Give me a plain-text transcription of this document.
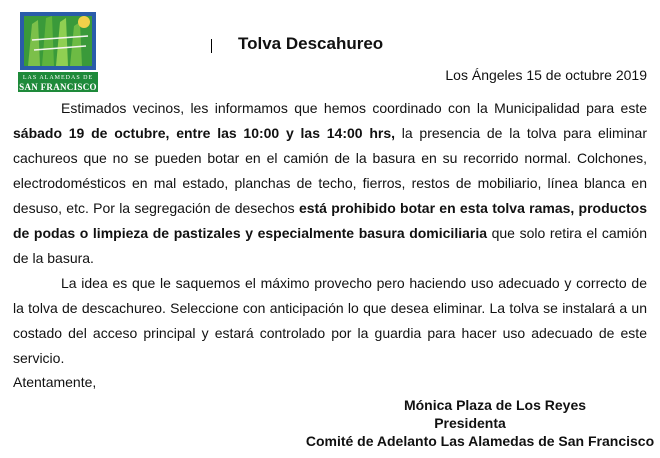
LAS ALAMEDAS DE
SAN FRANCISCO
Tolva Descahureo
Los Ángeles 15 de octubre 2019

Estimados vecinos, les informamos que hemos coordinado con la Municipalidad para este sábado 19 de octubre, entre las 10:00 y las 14:00 hrs, la presencia de la tolva para eliminar cachureos que no se pueden botar en el camión de la basura en su recorrido normal. Colchones, electrodomésticos en mal estado, planchas de techo, fierros, restos de mobiliario, línea blanca en desuso, etc. Por la segregación de desechos está prohibido botar en esta tolva ramas, productos de podas o limpieza de pastizales y especialmente basura domiciliaria que solo retira el camión de la basura.

La idea es que le saquemos el máximo provecho pero haciendo uso adecuado y correcto de la tolva de descachureo. Seleccione con anticipación lo que desea eliminar. La tolva se instalará a un costado del acceso principal y estará controlado por la guardia para hacer uso adecuado de este servicio.

Atentamente,
Mónica Plaza de Los Reyes
Presidenta
Comité de Adelanto Las Alamedas de San Francisco
